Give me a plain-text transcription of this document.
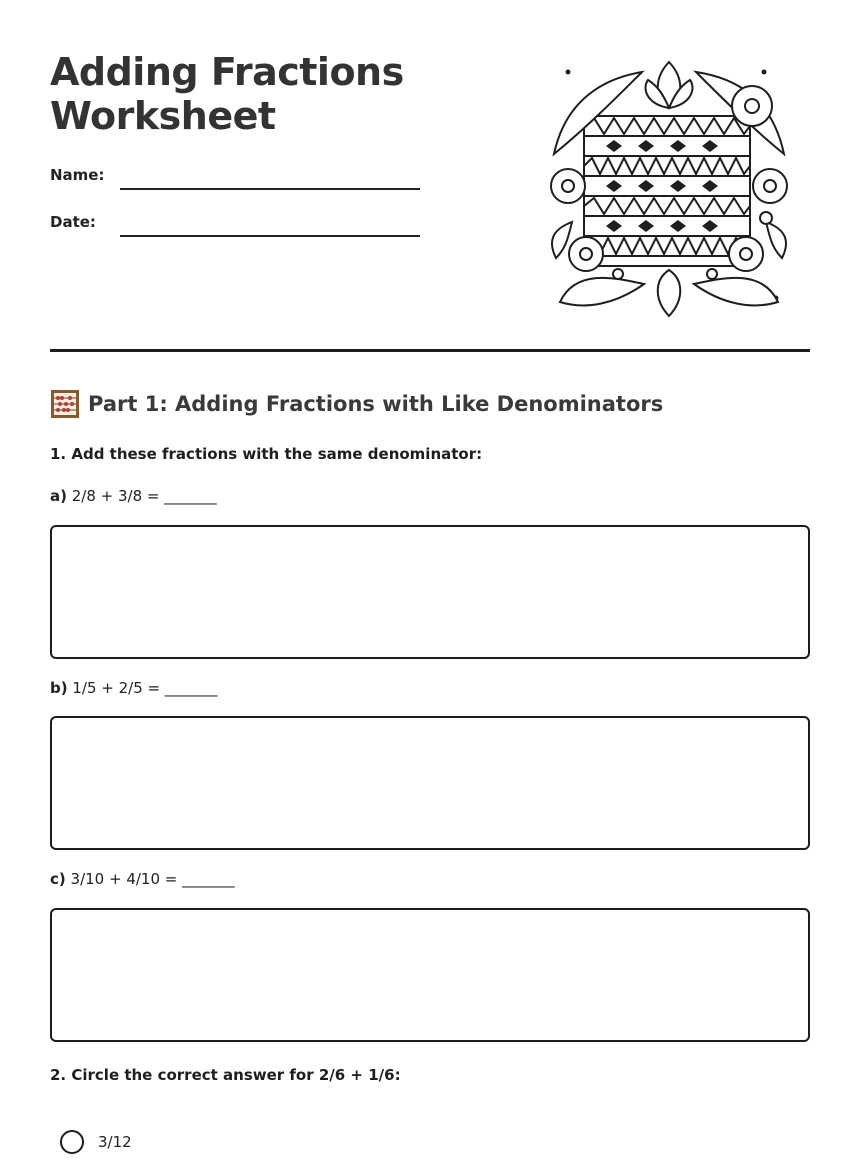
Adding Fractions Worksheet
Name:
Date:
Part 1: Adding Fractions with Like Denominators
1. Add these fractions with the same denominator:
a) 2/8 + 3/8 = _______
b) 1/5 + 2/5 = _______
c) 3/10 + 4/10 = _______
2. Circle the correct answer for 2/6 + 1/6:
3/12
